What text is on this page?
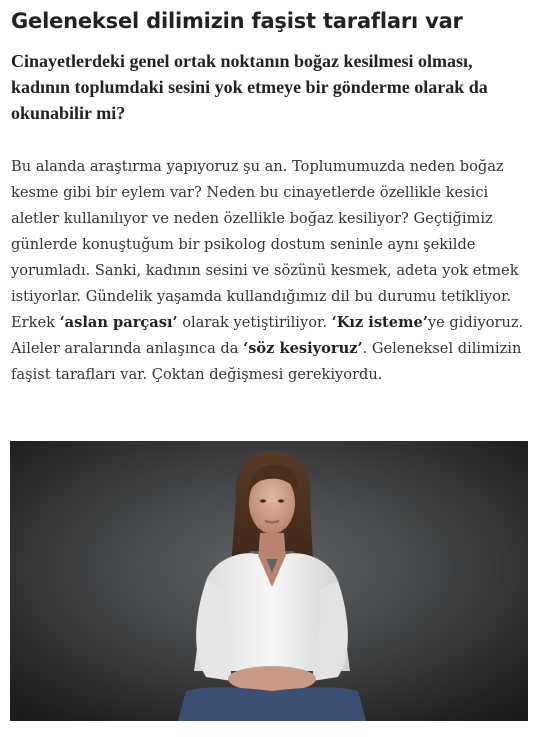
Geleneksel dilimizin faşist tarafları var

Cinayetlerdeki genel ortak noktanın boğaz kesilmesi olması, kadının toplumdaki sesini yok etmeye bir gönderme olarak da okunabilir mi?

Bu alanda araştırma yapıyoruz şu an. Toplumumuzda neden boğaz kesme gibi bir eylem var? Neden bu cinayetlerde özellikle kesici aletler kullanılıyor ve neden özellikle boğaz kesiliyor? Geçtiğimiz günlerde konuştuğum bir psikolog dostum seninle aynı şekilde yorumladı. Sanki, kadının sesini ve sözünü kesmek, adeta yok etmek istiyorlar. Gündelik yaşamda kullandığımız dil bu durumu tetikliyor. Erkek ‘aslan parçası’ olarak yetiştiriliyor. ‘Kız isteme’ye gidiyoruz. Aileler aralarında anlaşınca da ‘söz kesiyoruz’. Geleneksel dilimizin faşist tarafları var. Çoktan değişmesi gerekiyordu.
